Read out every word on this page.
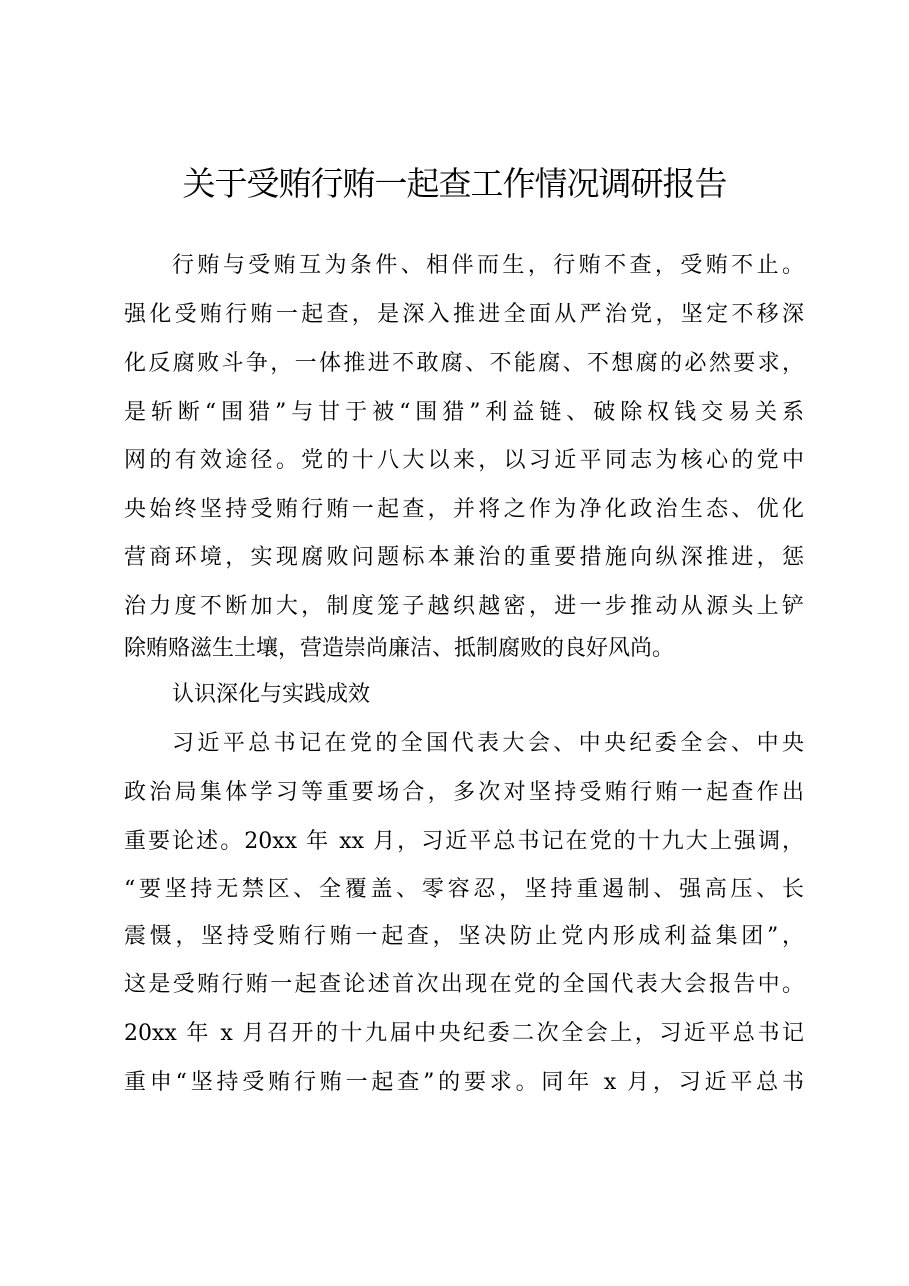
关于受贿行贿一起查工作情况调研报告

行贿与受贿互为条件、相伴而生，行贿不查，受贿不止。

强化受贿行贿一起查，是深入推进全面从严治党，坚定不移深

化反腐败斗争，一体推进不敢腐、不能腐、不想腐的必然要求，

是斩断“围猎”与甘于被“围猎”利益链、破除权钱交易关系

网的有效途径。党的十八大以来，以习近平同志为核心的党中

央始终坚持受贿行贿一起查，并将之作为净化政治生态、优化

营商环境，实现腐败问题标本兼治的重要措施向纵深推进，惩

治力度不断加大，制度笼子越织越密，进一步推动从源头上铲

除贿赂滋生土壤，营造崇尚廉洁、抵制腐败的良好风尚。

认识深化与实践成效

习近平总书记在党的全国代表大会、中央纪委全会、中央

政治局集体学习等重要场合，多次对坚持受贿行贿一起查作出

重要论述。20xx 年 xx 月，习近平总书记在党的十九大上强调，

“要坚持无禁区、全覆盖、零容忍，坚持重遏制、强高压、长

震慑，坚持受贿行贿一起查，坚决防止党内形成利益集团”，

这是受贿行贿一起查论述首次出现在党的全国代表大会报告中。

20xx 年 x 月召开的十九届中央纪委二次全会上，习近平总书记

重申“坚持受贿行贿一起查”的要求。同年 x 月，习近平总书
